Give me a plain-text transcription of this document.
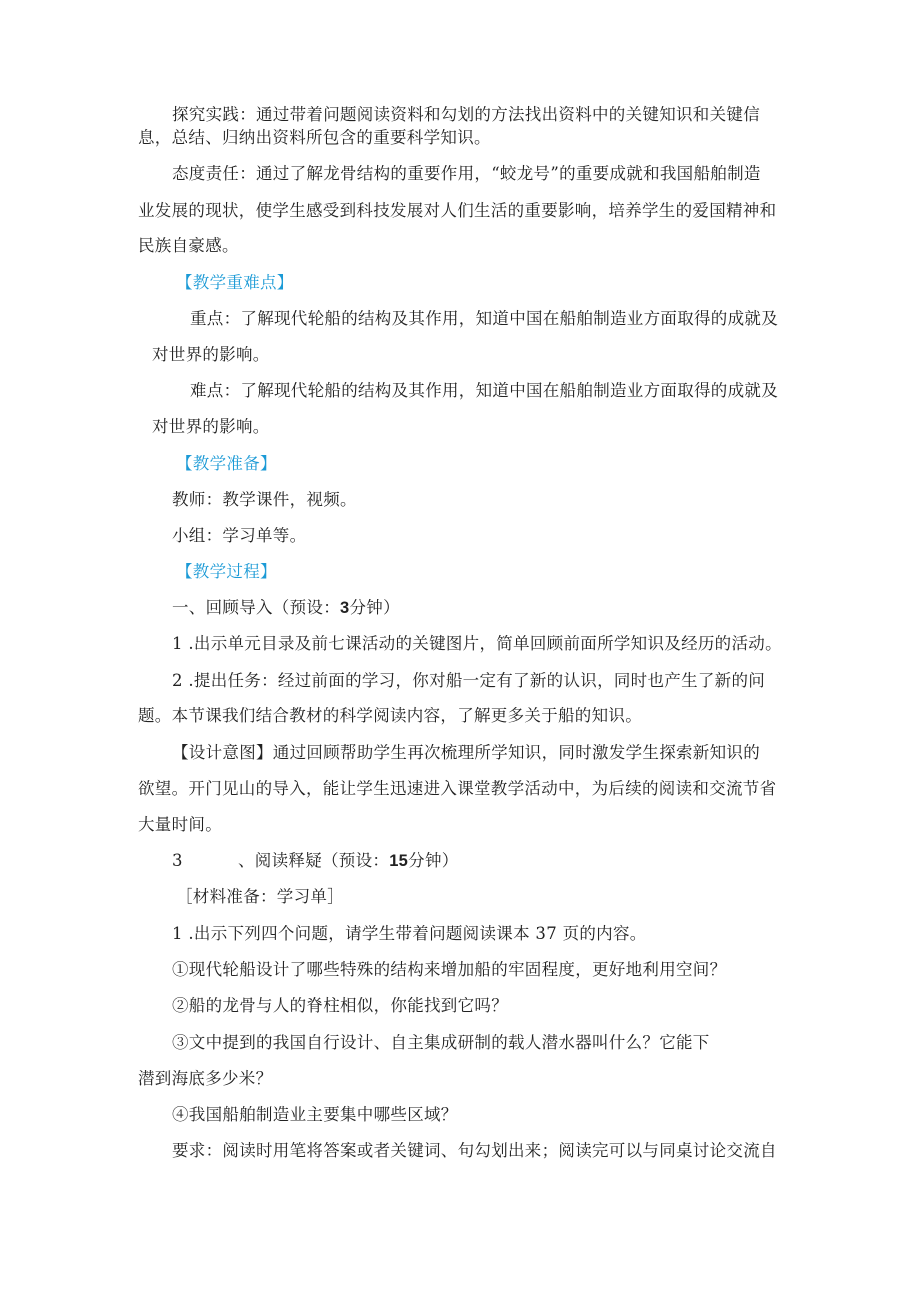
探究实践：通过带着问题阅读资料和勾划的方法找出资料中的关键知识和关键信
息，总结、归纳出资料所包含的重要科学知识。
态度责任：通过了解龙骨结构的重要作用，“蛟龙号”的重要成就和我国船舶制造
业发展的现状，使学生感受到科技发展对人们生活的重要影响，培养学生的爱国精神和
民族自豪感。
【教学重难点】
重点：了解现代轮船的结构及其作用，知道中国在船舶制造业方面取得的成就及
对世界的影响。
难点：了解现代轮船的结构及其作用，知道中国在船舶制造业方面取得的成就及
对世界的影响。
【教学准备】
教师：教学课件，视频。
小组：学习单等。
【教学过程】
一、回顾导入（预设：3分钟）
1 .出示单元目录及前七课活动的关键图片，简单回顾前面所学知识及经历的活动。
2 .提出任务：经过前面的学习，你对船一定有了新的认识，同时也产生了新的问
题。本节课我们结合教材的科学阅读内容，了解更多关于船的知识。
【设计意图】通过回顾帮助学生再次梳理所学知识，同时激发学生探索新知识的
欲望。开门见山的导入，能让学生迅速进入课堂教学活动中，为后续的阅读和交流节省
大量时间。
3	、阅读释疑（预设：15分钟）
［材料准备：学习单］
1 .出示下列四个问题，请学生带着问题阅读课本 37 页的内容。
①现代轮船设计了哪些特殊的结构来增加船的牢固程度，更好地利用空间？
②船的龙骨与人的脊柱相似，你能找到它吗？
③文中提到的我国自行设计、自主集成研制的载人潜水器叫什么？它能下
潜到海底多少米？
④我国船舶制造业主要集中哪些区域？
要求：阅读时用笔将答案或者关键词、句勾划出来；阅读完可以与同桌讨论交流自
